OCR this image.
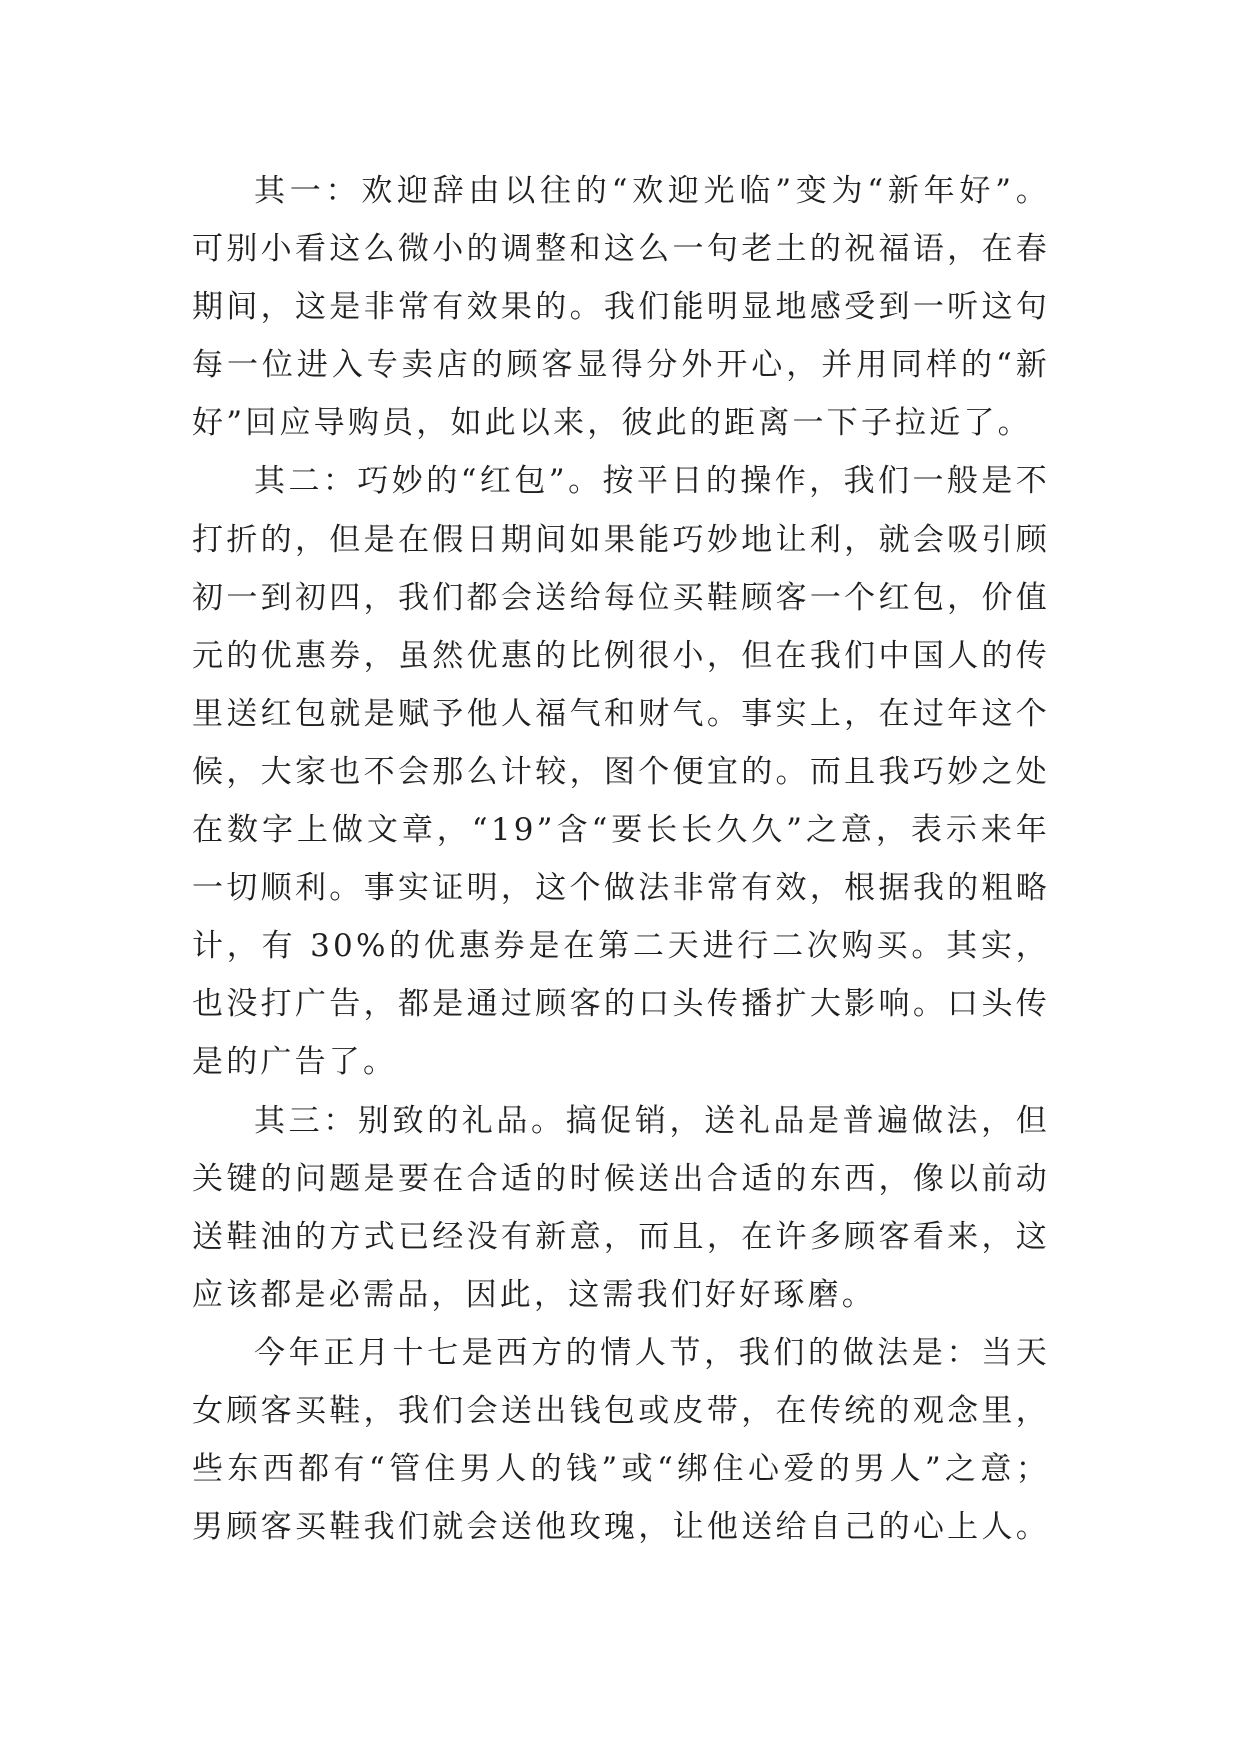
其一：欢迎辞由以往的“欢迎光临”变为“新年好”。
可别小看这么微小的调整和这么一句老土的祝福语，在春
期间，这是非常有效果的。我们能明显地感受到一听这句
每一位进入专卖店的顾客显得分外开心，并用同样的“新
好”回应导购员，如此以来，彼此的距离一下子拉近了。
其二：巧妙的“红包”。按平日的操作，我们一般是不
打折的，但是在假日期间如果能巧妙地让利，就会吸引顾
初一到初四，我们都会送给每位买鞋顾客一个红包，价值
元的优惠券，虽然优惠的比例很小，但在我们中国人的传
里送红包就是赋予他人福气和财气。事实上，在过年这个
候，大家也不会那么计较，图个便宜的。而且我巧妙之处
在数字上做文章，“19”含“要长长久久”之意，表示来年
一切顺利。事实证明，这个做法非常有效，根据我的粗略
计，有 30%的优惠券是在第二天进行二次购买。其实，
也没打广告，都是通过顾客的口头传播扩大影响。口头传
是的广告了。
其三：别致的礼品。搞促销，送礼品是普遍做法，但
关键的问题是要在合适的时候送出合适的东西，像以前动
送鞋油的方式已经没有新意，而且，在许多顾客看来，这
应该都是必需品，因此，这需我们好好琢磨。
今年正月十七是西方的情人节，我们的做法是：当天
女顾客买鞋，我们会送出钱包或皮带，在传统的观念里，
些东西都有“管住男人的钱”或“绑住心爱的男人”之意；
男顾客买鞋我们就会送他玫瑰，让他送给自己的心上人。
